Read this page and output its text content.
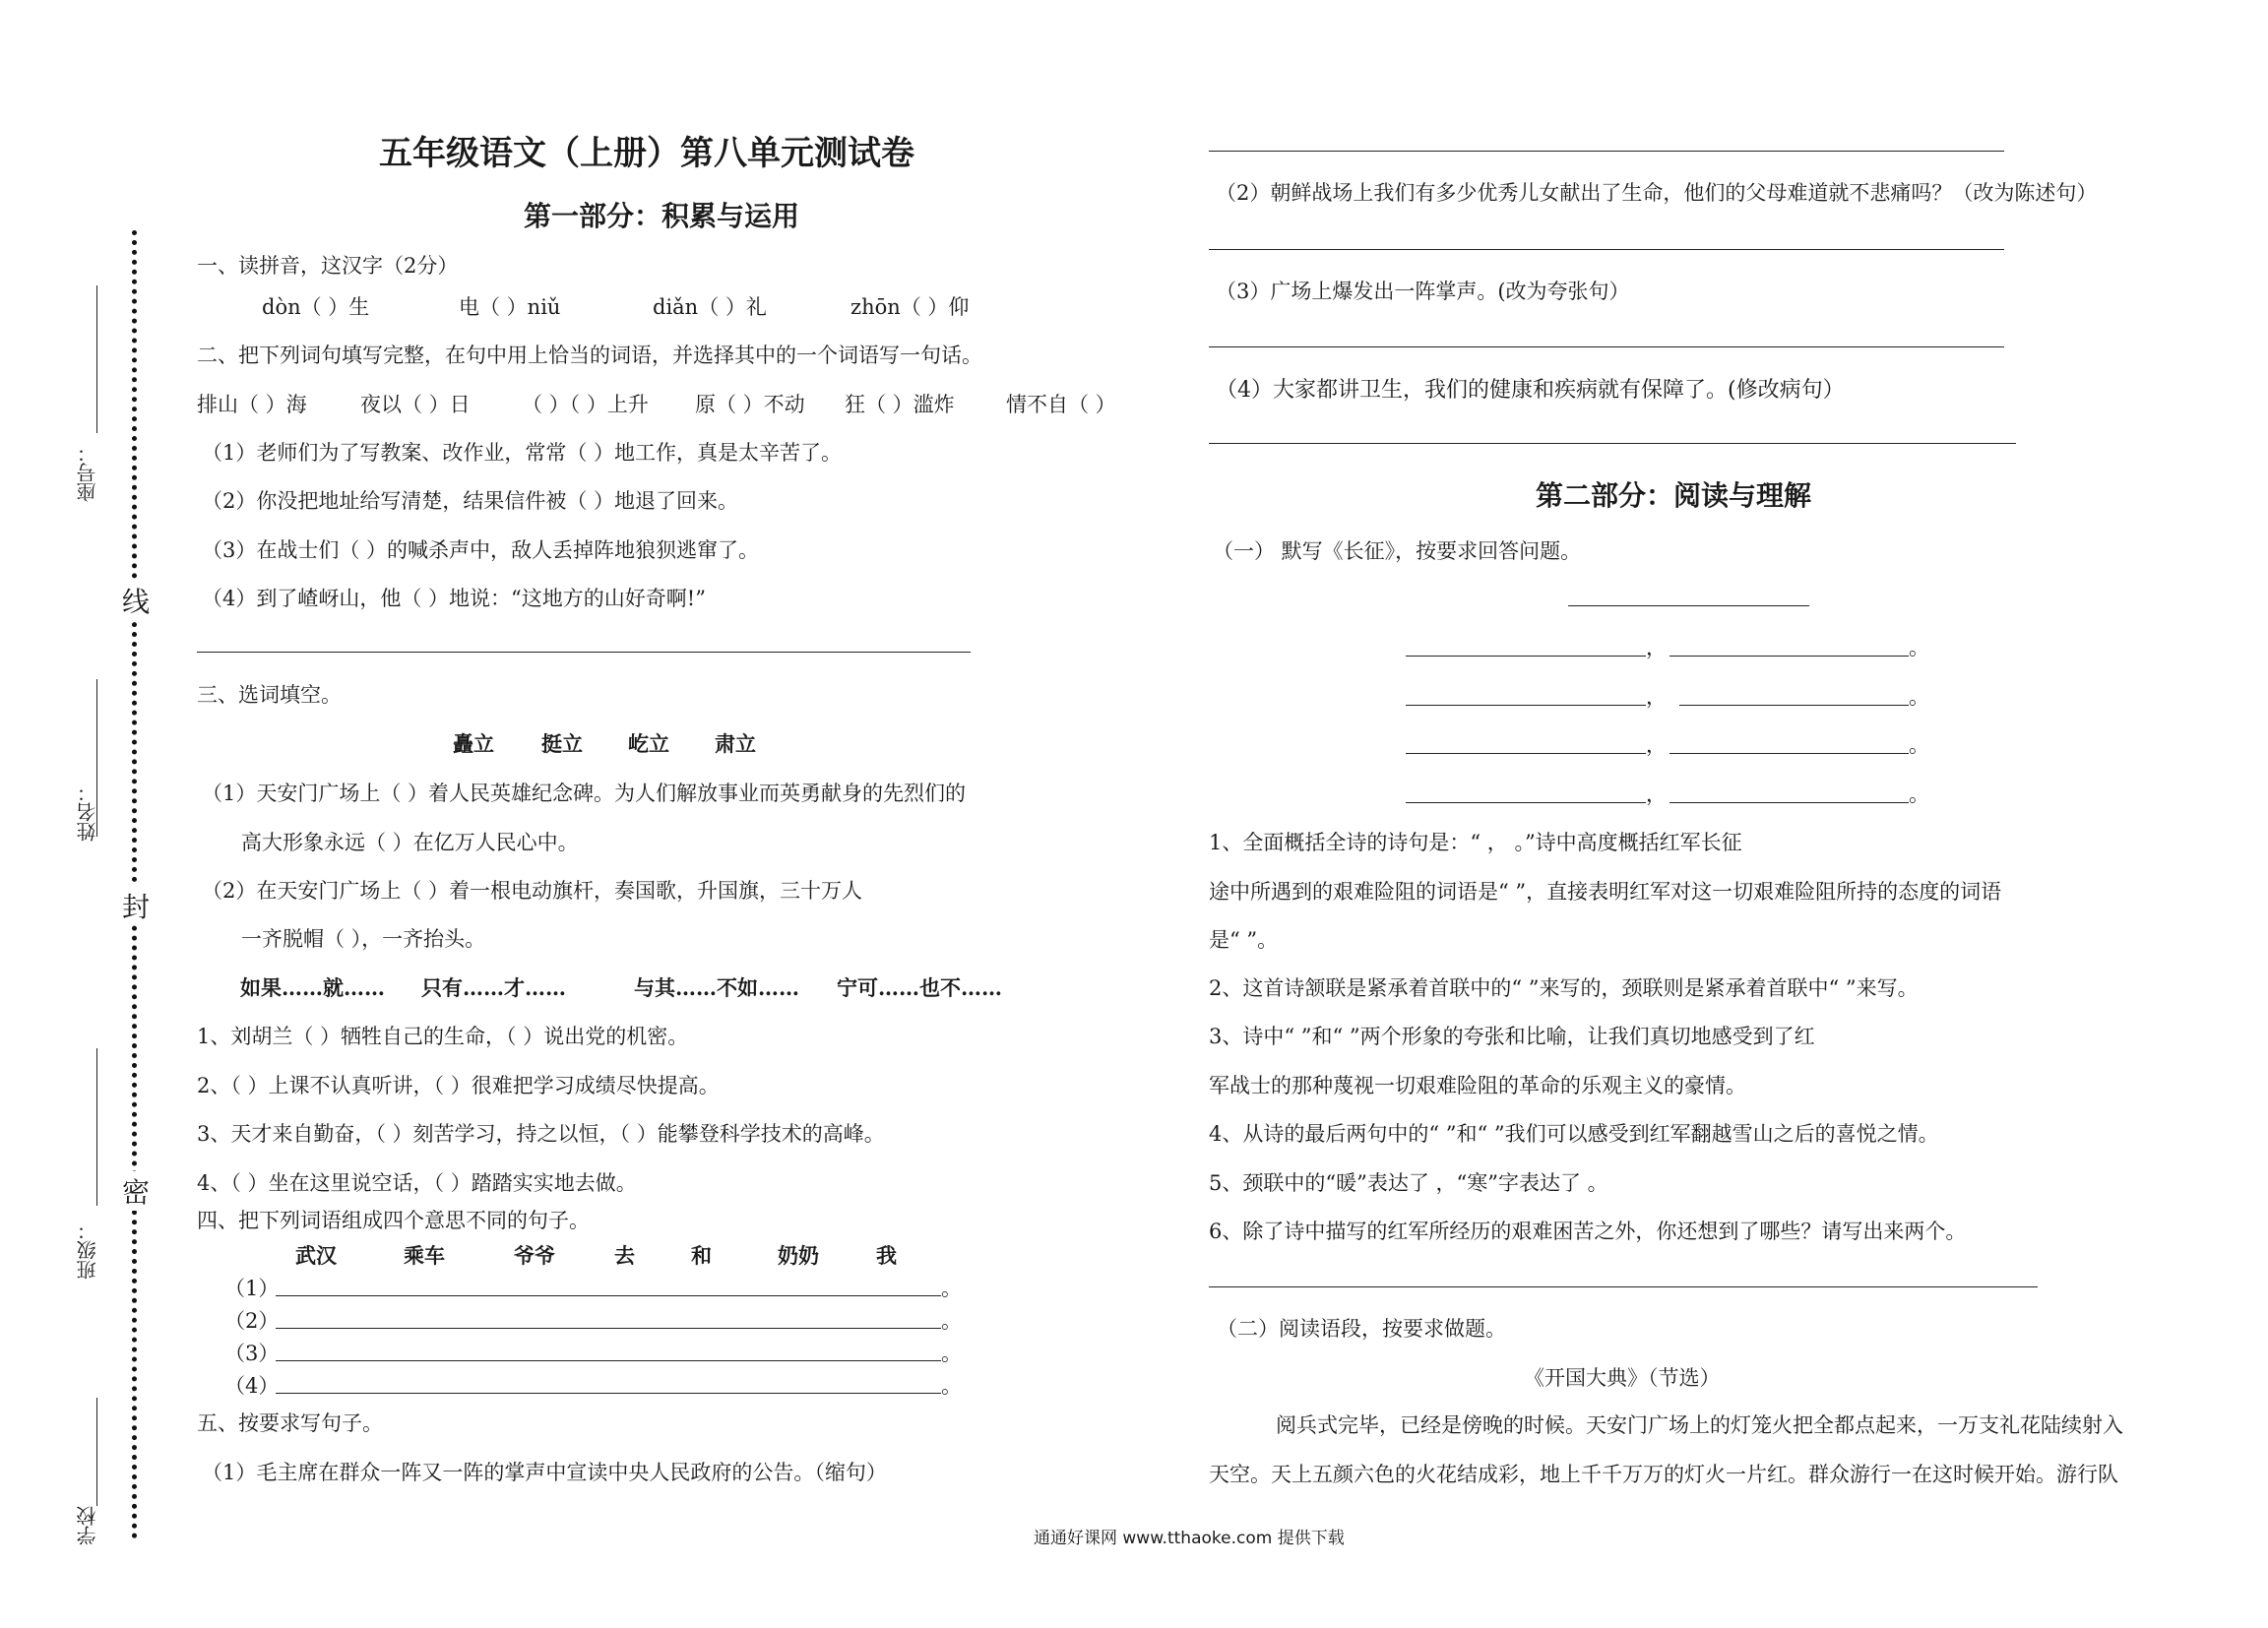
座号：
姓名：
班级：
学校
线
封
密
五年级语文（上册）第八单元测试卷
第一部分：积累与运用
一、读拼音，这汉字（2分）
dòn（ ）生	电（ ）niǔ	diǎn（ ）礼	zhōn（ ）仰
二、把下列词句填写完整，在句中用上恰当的词语，并选择其中的一个词语写一句话。
排山（ ）海	夜以（ ）日 （ ）（ ）上升 原（ ）不动 狂（ ）滥炸 情不自（ ）
（1）老师们为了写教案、改作业，常常（ ）地工作，真是太辛苦了。
（2）你没把地址给写清楚，结果信件被（ ）地退了回来。
（3）在战士们（ ）的喊杀声中，敌人丢掉阵地狼狈逃窜了。
（4）到了嵖岈山，他（ ）地说：“这地方的山好奇啊!”
三、选词填空。
矗立 挺立 屹立 肃立
（1）天安门广场上（ ）着人民英雄纪念碑。为人们解放事业而英勇献身的先烈们的
高大形象永远（ ）在亿万人民心中。
（2）在天安门广场上（ ）着一根电动旗杆，奏国歌，升国旗，三十万人
一齐脱帽（ ），一齐抬头。
如果……就…… 只有……才……	与其……不如…… 宁可……也不……
1、刘胡兰（ ）牺牲自己的生命，（ ）说出党的机密。
2、（ ）上课不认真听讲，（ ）很难把学习成绩尽快提高。
3、天才来自勤奋，（ ）刻苦学习，持之以恒，（ ）能攀登科学技术的高峰。
4、（ ）坐在这里说空话，（ ）踏踏实实地去做。
四、把下列词语组成四个意思不同的句子。
武汉	乘车	爷爷	去	和	奶奶	我
（1）	。
（2）	。
（3）	。
（4）	。
五、按要求写句子。
（1）毛主席在群众一阵又一阵的掌声中宣读中央人民政府的公告。（缩句）
（2）朝鲜战场上我们有多少优秀儿女献出了生命，他们的父母难道就不悲痛吗？（改为陈述句）
（3）广场上爆发出一阵掌声。(改为夸张句）
（4）大家都讲卫生，我们的健康和疾病就有保障了。(修改病句）
第二部分：阅读与理解
（一） 默写《长征》，按要求回答问题。
，	。
，	。
，	。
，	。
1、全面概括全诗的诗句是：“ ， 。”诗中高度概括红军长征
途中所遇到的艰难险阻的词语是“ ”，直接表明红军对这一切艰难险阻所持的态度的词语
是“ ”。
2、这首诗颔联是紧承着首联中的“ ”来写的，颈联则是紧承着首联中“ ”来写。
3、诗中“ ”和“ ”两个形象的夸张和比喻，让我们真切地感受到了红
军战士的那种蔑视一切艰难险阻的革命的乐观主义的豪情。
4、从诗的最后两句中的“ ”和“ ”我们可以感受到红军翻越雪山之后的喜悦之情。
5、颈联中的“暖”表达了 ，“寒”字表达了 。
6、除了诗中描写的红军所经历的艰难困苦之外，你还想到了哪些？请写出来两个。
（二）阅读语段，按要求做题。
《开国大典》（节选）
阅兵式完毕，已经是傍晚的时候。天安门广场上的灯笼火把全都点起来，一万支礼花陆续射入
天空。天上五颜六色的火花结成彩，地上千千万万的灯火一片红。群众游行一在这时候开始。游行队
通通好课网 www.tthaoke.com 提供下载
